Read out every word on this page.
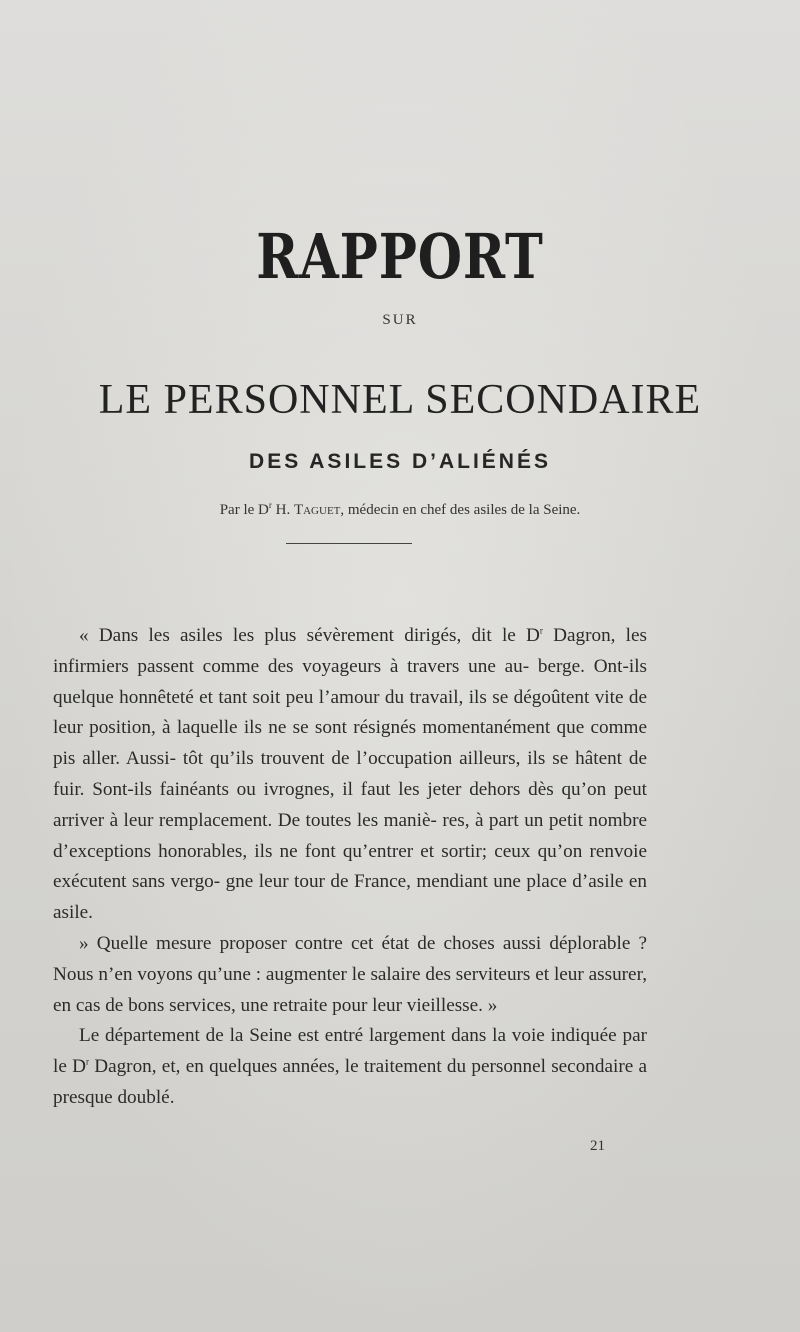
RAPPORT
SUR
LE PERSONNEL SECONDAIRE
DES ASILES D’ALIÉNÉS
Par le $D^r$ H. Taguet, médecin en chef des asiles de la Seine.

« Dans les asiles les plus sévèrement dirigés, dit le $D^r$ Dagron, les infirmiers passent comme des voyageurs à travers une au- berge. Ont-ils quelque honnêteté et tant soit peu l’amour du travail, ils se dégoûtent vite de leur position, à laquelle ils ne se sont résignés momentanément que comme pis aller. Aussi- tôt qu’ils trouvent de l’occupation ailleurs, ils se hâtent de fuir. Sont-ils fainéants ou ivrognes, il faut les jeter dehors dès qu’on peut arriver à leur remplacement. De toutes les maniè- res, à part un petit nombre d’exceptions honorables, ils ne font qu’entrer et sortir; ceux qu’on renvoie exécutent sans vergo- gne leur tour de France, mendiant une place d’asile en asile.

» Quelle mesure proposer contre cet état de choses aussi déplorable ? Nous n’en voyons qu’une : augmenter le salaire des serviteurs et leur assurer, en cas de bons services, une retraite pour leur vieillesse. »

Le département de la Seine est entré largement dans la voie indiquée par le $D^r$ Dagron, et, en quelques années, le traitement du personnel secondaire a presque doublé.

21
